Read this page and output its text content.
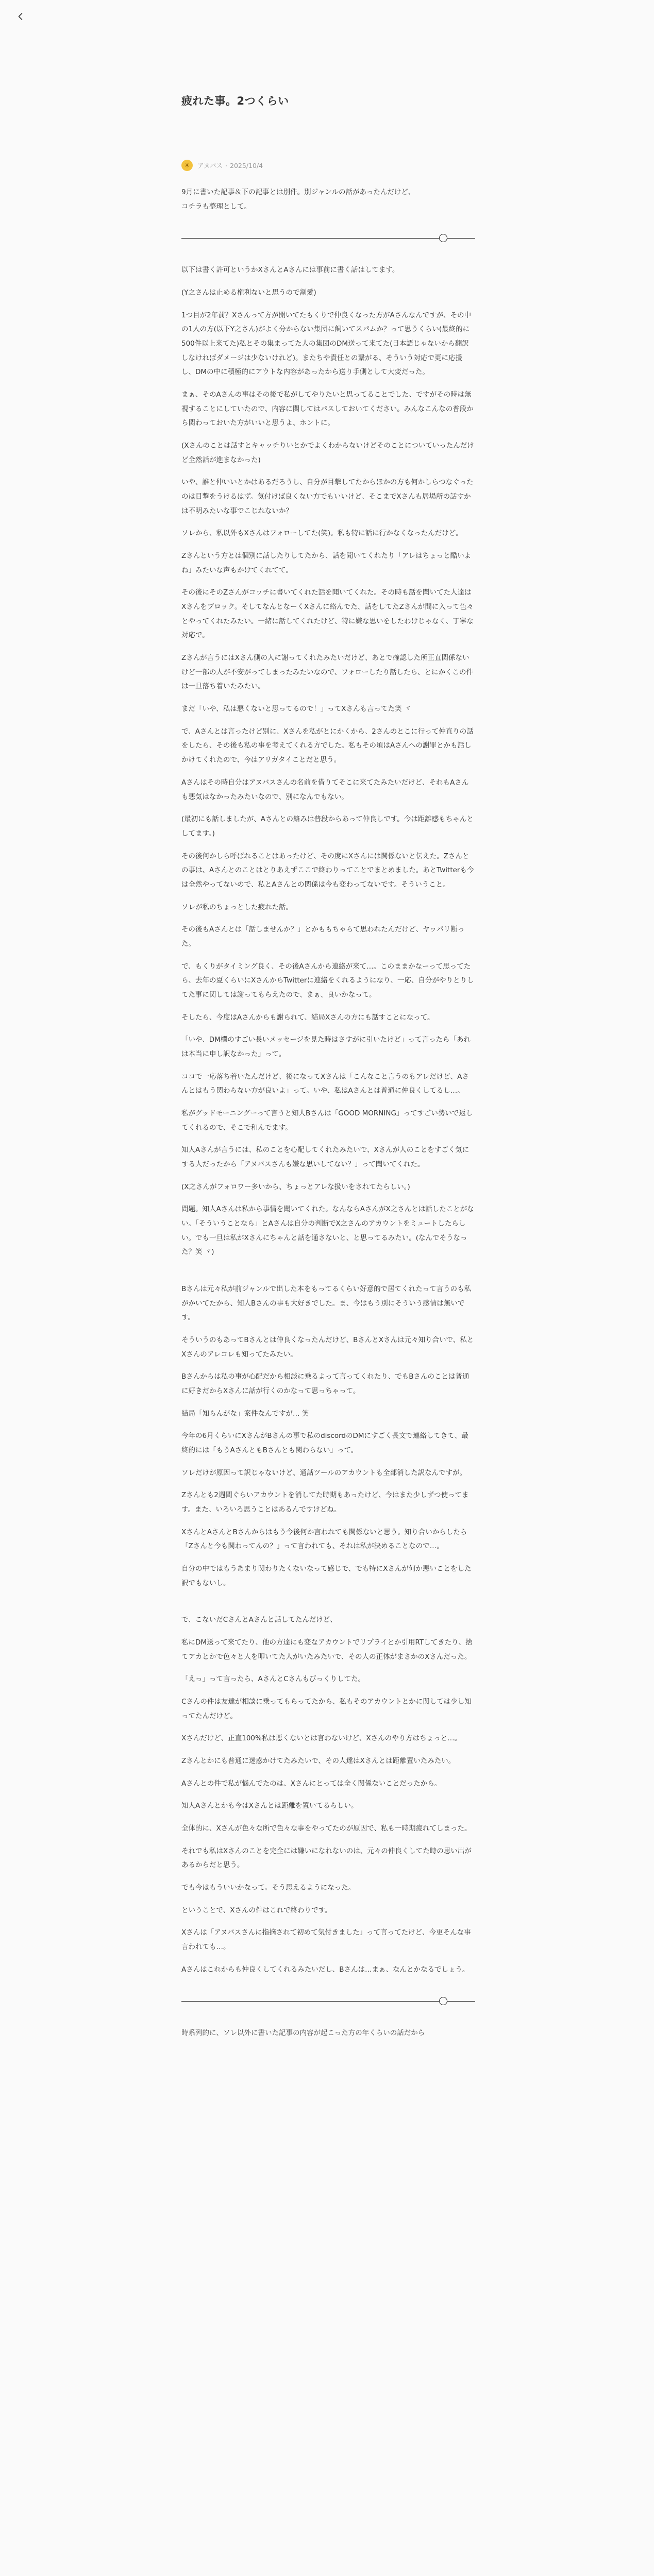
疲れた事。2つくらい
☀ アヌバス · 2025/10/4

9月に書いた記事＆下の記事とは別件。別ジャンルの話があったんだけど、
コチラも整理として。

以下は書く許可というかXさんとAさんには事前に書く話はしてます。

(Y之さんは止める権利ないと思うので割愛)

1つ目が2年前？Xさんって方が開いてたもくりで仲良くなった方がAさんなんですが、その中の1人の方(以下Y之さん)がよく分からない集団に飼いてスパムか？って思うくらい(最終的に500件以上来てた)私とその集まってた人の集団のDM送って来てた(日本語じゃないから翻訳しなければダメージは少ないけれど)。またちや責任との繋がる、そういう対応で更に応援し、DMの中に積極的にアウトな内容があったから送り手側として大変だった。

まぁ、そのAさんの事はその後で私がしてやりたいと思ってることでした、ですがその時は無視することにしていたので、内容に関してはパスしておいてください。みんなこんなの普段から関わっておいた方がいいと思うよ、ホントに。

(Xさんのことは話すとキャッチりいとかでよくわからないけどそのことについていったんだけど全然話が進まなかった)

いや、誰と仲いいとかはあるだろうし、自分が目撃してたからほかの方も何かしらつなぐったのは目撃をうけるはず。気付けば良くない方でもいいけど、そこまでXさんも居場所の話すかは不明みたいな事でこじれないか？

ソレから、私以外もXさんはフォローしてた(笑)。私も特に話に行かなくなったんだけど。

Zさんという方とは個別に話したりしてたから、話を聞いてくれたり「アレはちょっと酷いよね」みたいな声もかけてくれてて。

その後にそのZさんがコッチに書いてくれた話を聞いてくれた。その時も話を聞いてた人達はXさんをブロック。そしてなんとなーくXさんに絡んでた、話をしてたZさんが間に入って色々とやってくれたみたい。一緒に話してくれたけど、特に嫌な思いをしたわけじゃなく、丁寧な対応で。

Zさんが言うにはXさん側の人に謝ってくれたみたいだけど、あとで確認した所正直関係ないけど一部の人が不安がってしまったみたいなので、フォローしたり話したら、とにかくこの件は一旦落ち着いたみたい。

まだ「いや、私は悪くないと思ってるので！」ってXさんも言ってた笑 ヾ

で、Aさんとは言ったけど別に、Xさんを私がとにかくから、2さんのとこに行って仲直りの話をしたら、その後も私の事を考えてくれる方でした。私もその頃はAさんへの謝罪とかも話しかけてくれたので、今はアリガタイことだと思う。

Aさんはその時自分はアヌバスさんの名前を借りてそこに来てたみたいだけど、それもAさんも悪気はなかったみたいなので、別になんでもない。

(最初にも話しましたが、Aさんとの絡みは普段からあって仲良しです。今は距離感もちゃんとしてます。)

その後何かしら呼ばれることはあったけど、その度にXさんには関係ないと伝えた。Zさんとの事は、Aさんとのことはとりあえずここで終わりってことでまとめました。あとTwitterも今は全然やってないので、私とAさんとの関係は今も変わってないです。そういうこと。

ソレが私のちょっとした疲れた話。

その後もAさんとは「話しませんか？」とかももちゃらて思われたんだけど、ヤッパリ断った。

で、もくりがタイミング良く、その後Aさんから連絡が来て…。このままかなーって思ってたら、去年の夏くらいにXさんからTwitterに連絡をくれるようになり、一応、自分がやりとりしてた事に関しては謝ってもらえたので、まぁ、良いかなって。

そしたら、今度はAさんからも謝られて、結局Xさんの方にも話すことになって。

「いや、DM欄のすごい長いメッセージを見た時はさすがに引いたけど」って言ったら「あれは本当に申し訳なかった」って。

ココで一応落ち着いたんだけど、後になってXさんは「こんなこと言うのもアレだけど、Aさんとはもう関わらない方が良いよ」って。いや、私はAさんとは普通に仲良くしてるし…。

私がグッドモーニングーって言うと知人Bさんは「GOOD MORNING」ってすごい勢いで返してくれるので、そこで和んでます。

知人Aさんが言うには、私のことを心配してくれたみたいで、Xさんが人のことをすごく気にする人だったから「アヌバスさんも嫌な思いしてない？」って聞いてくれた。

(X之さんがフォロワー多いから、ちょっとアレな扱いをされてたらしい。)

問題。知人Aさんは私から事情を聞いてくれた。なんならAさんがX之さんとは話したことがない。「そういうことなら」とAさんは自分の判断でX之さんのアカウントをミュートしたらしい。でも一旦は私がXさんにちゃんと話を通さないと、と思ってるみたい。(なんでそうなった？笑 ヾ)

Bさんは元々私が前ジャンルで出した本をもってるくらい好意的で居てくれたって言うのも私がかいてたから、知人Bさんの事も大好きでした。ま、今はもう別にそういう感情は無いです。

そういうのもあってBさんとは仲良くなったんだけど、BさんとXさんは元々知り合いで、私とXさんのアレコレも知ってたみたい。

Bさんからは私の事が心配だから相談に乗るよって言ってくれたり、でもBさんのことは普通に好きだからXさんに話が行くのかなって思っちゃって。

結局「知らんがな」案件なんですが… 笑

今年の6月くらいにXさんがBさんの事で私のdiscordのDMにすごく長文で連絡してきて、最終的には「もうAさんともBさんとも関わらない」って。

ソレだけが原因って訳じゃないけど、通話ツールのアカウントも全部消した訳なんですが。

Zさんとも2週間ぐらいアカウントを消してた時期もあったけど、今はまた少しずつ使ってます。また、いろいろ思うことはあるんですけどね。

XさんとAさんとBさんからはもう今後何か言われても関係ないと思う。知り合いからしたら「Zさんと今も関わってんの？」って言われても、それは私が決めることなので…。

自分の中ではもうあまり関わりたくないなって感じで、でも特にXさんが何か悪いことをした訳でもないし。

で、こないだCさんとAさんと話してたんだけど、

私にDM送って来てたり、他の方達にも変なアカウントでリプライとか引用RTしてきたり、捨てアカとかで色々と人を叩いてた人がいたみたいで、その人の正体がまさかのXさんだった。

「えっ」って言ったら、AさんとCさんもびっくりしてた。

Cさんの件は友達が相談に乗ってもらってたから、私もそのアカウントとかに関しては少し知ってたんだけど。

Xさんだけど、正直100%私は悪くないとは言わないけど、Xさんのやり方はちょっと…。

Zさんとかにも普通に迷惑かけてたみたいで、その人達はXさんとは距離置いたみたい。

Aさんとの件で私が悩んでたのは、Xさんにとっては全く関係ないことだったから。

知人Aさんとかも今はXさんとは距離を置いてるらしい。

全体的に、Xさんが色々な所で色々な事をやってたのが原因で、私も一時期疲れてしまった。

それでも私はXさんのことを完全には嫌いになれないのは、元々の仲良くしてた時の思い出があるからだと思う。

でも今はもういいかなって。そう思えるようになった。

ということで、Xさんの件はこれで終わりです。

Xさんは「アヌバスさんに指摘されて初めて気付きました」って言ってたけど、今更そんな事言われても…。

Aさんはこれからも仲良くしてくれるみたいだし、Bさんは…まぁ、なんとかなるでしょう。

時系列的に、ソレ以外に書いた記事の内容が起こった方の年くらいの話だから
